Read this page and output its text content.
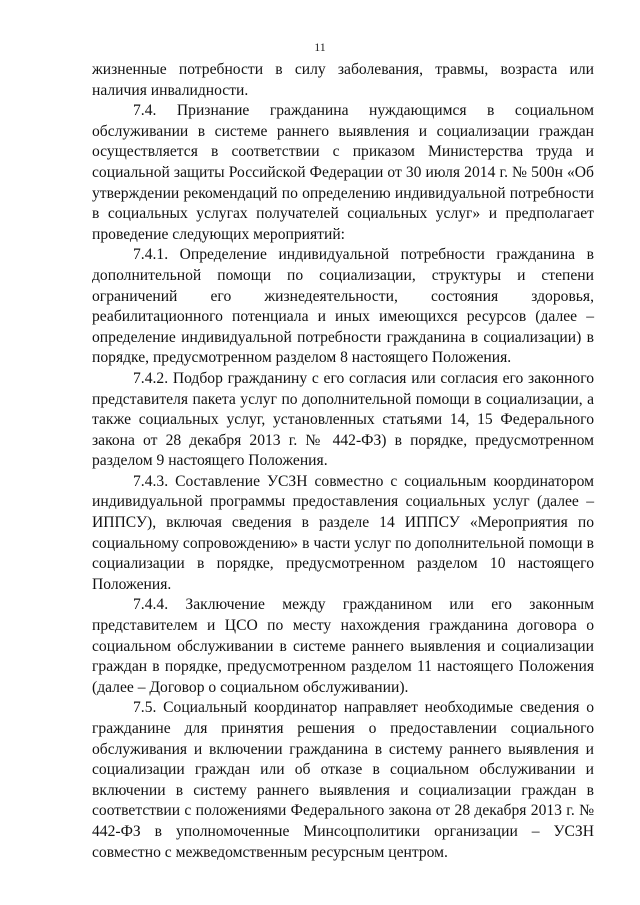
11

жизненные потребности в силу заболевания, травмы, возраста или наличия инвалидности.

7.4. Признание гражданина нуждающимся в социальном обслуживании в системе раннего выявления и социализации граждан осуществляется в соответствии с приказом Министерства труда и социальной защиты Российской Федерации от 30 июля 2014 г. № 500н «Об утверждении рекомендаций по определению индивидуальной потребности в социальных услугах получателей социальных услуг» и предполагает проведение следующих мероприятий:

7.4.1. Определение индивидуальной потребности гражданина в дополнительной помощи по социализации, структуры и степени ограничений его жизнедеятельности, состояния здоровья, реабилитационного потенциала и иных имеющихся ресурсов (далее – определение индивидуальной потребности гражданина в социализации) в порядке, предусмотренном разделом 8 настоящего Положения.

7.4.2. Подбор гражданину с его согласия или согласия его законного представителя пакета услуг по дополнительной помощи в социализации, а также социальных услуг, установленных статьями 14, 15 Федерального закона от 28 декабря 2013 г. № 442-ФЗ) в порядке, предусмотренном разделом 9 настоящего Положения.

7.4.3. Составление УСЗН совместно с социальным координатором индивидуальной программы предоставления социальных услуг (далее – ИППСУ), включая сведения в разделе 14 ИППСУ «Мероприятия по социальному сопровождению» в части услуг по дополнительной помощи в социализации в порядке, предусмотренном разделом 10 настоящего Положения.

7.4.4. Заключение между гражданином или его законным представителем и ЦСО по месту нахождения гражданина договора о социальном обслуживании в системе раннего выявления и социализации граждан в порядке, предусмотренном разделом 11 настоящего Положения (далее – Договор о социальном обслуживании).

7.5. Социальный координатор направляет необходимые сведения о гражданине для принятия решения о предоставлении социального обслуживания и включении гражданина в систему раннего выявления и социализации граждан или об отказе в социальном обслуживании и включении в систему раннего выявления и социализации граждан в соответствии с положениями Федерального закона от 28 декабря 2013 г. № 442-ФЗ в уполномоченные Минсоцполитики организации – УСЗН совместно с межведомственным ресурсным центром.
